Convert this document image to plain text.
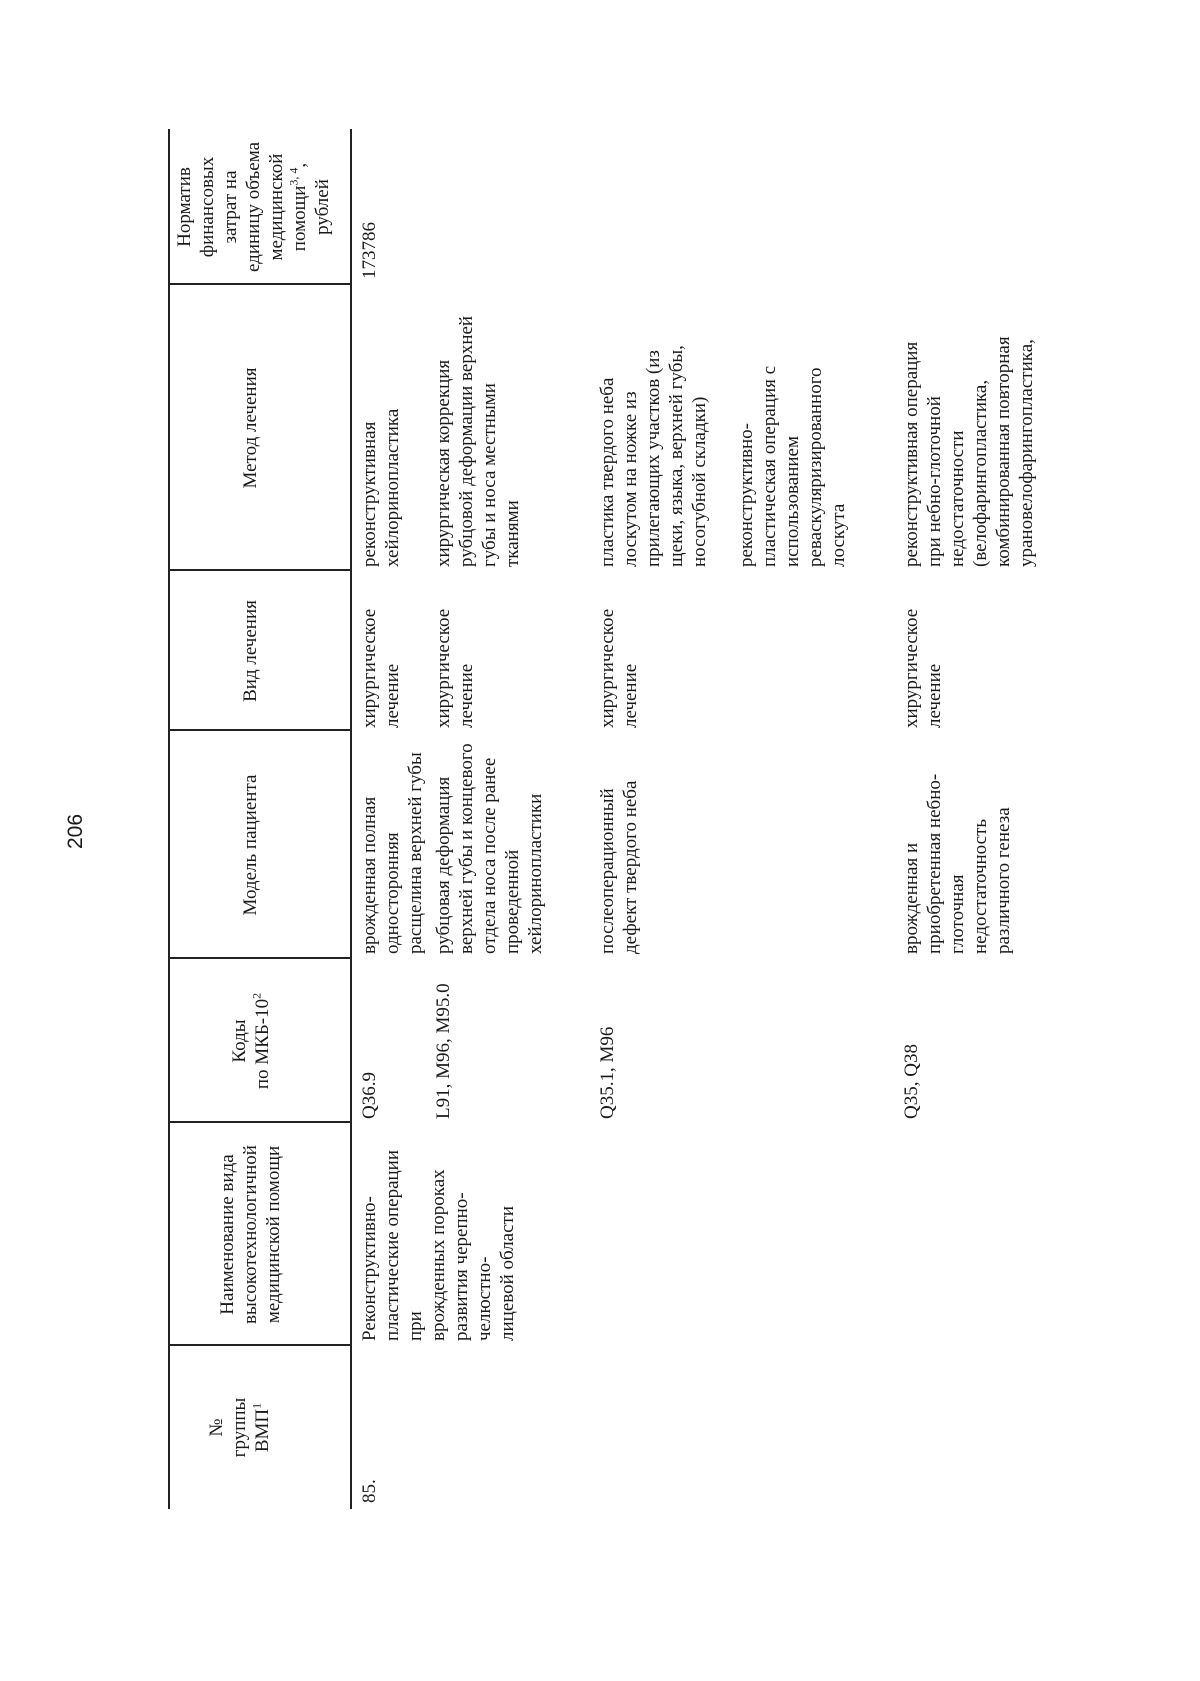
206
№
группы
ВМП$^1$
Наименование вида
высокотехнологичной
медицинской помощи
Коды
по МКБ-$10^2$
Модель пациента
Вид лечения
Метод лечения
Норматив
финансовых
затрат на
единицу объема
медицинской
помощи$^{3, 4}$,
рублей
85.
Реконструктивно-
пластические операции при
врожденных пороках
развития черепно-челюстно-
лицевой области
173786
Q36.9
врожденная полная
односторонняя
расщелина верхней губы
хирургическое
лечение
реконструктивная
хейлоринопластика
L91, M96, M95.0
рубцовая деформация
верхней губы и концевого
отдела носа после ранее
проведенной
хейлоринопластики
хирургическое
лечение
хирургическая коррекция
рубцовой деформации верхней
губы и носа местными
тканями
Q35.1, M96
послеоперационный
дефект твердого неба
хирургическое
лечение
пластика твердого неба
лоскутом на ножке из
прилегающих участков (из
щеки, языка, верхней губы,
носогубной складки) реконструктивно-
пластическая операция с
использованием
реваскуляризированного
лоскута
Q35, Q38
врожденная и
приобретенная небно-
глоточная
недостаточность
различного генеза
хирургическое
лечение
реконструктивная операция
при небно-глоточной
недостаточности
(велофарингопластика,
комбинированная повторная
урановелофарингопластика,
